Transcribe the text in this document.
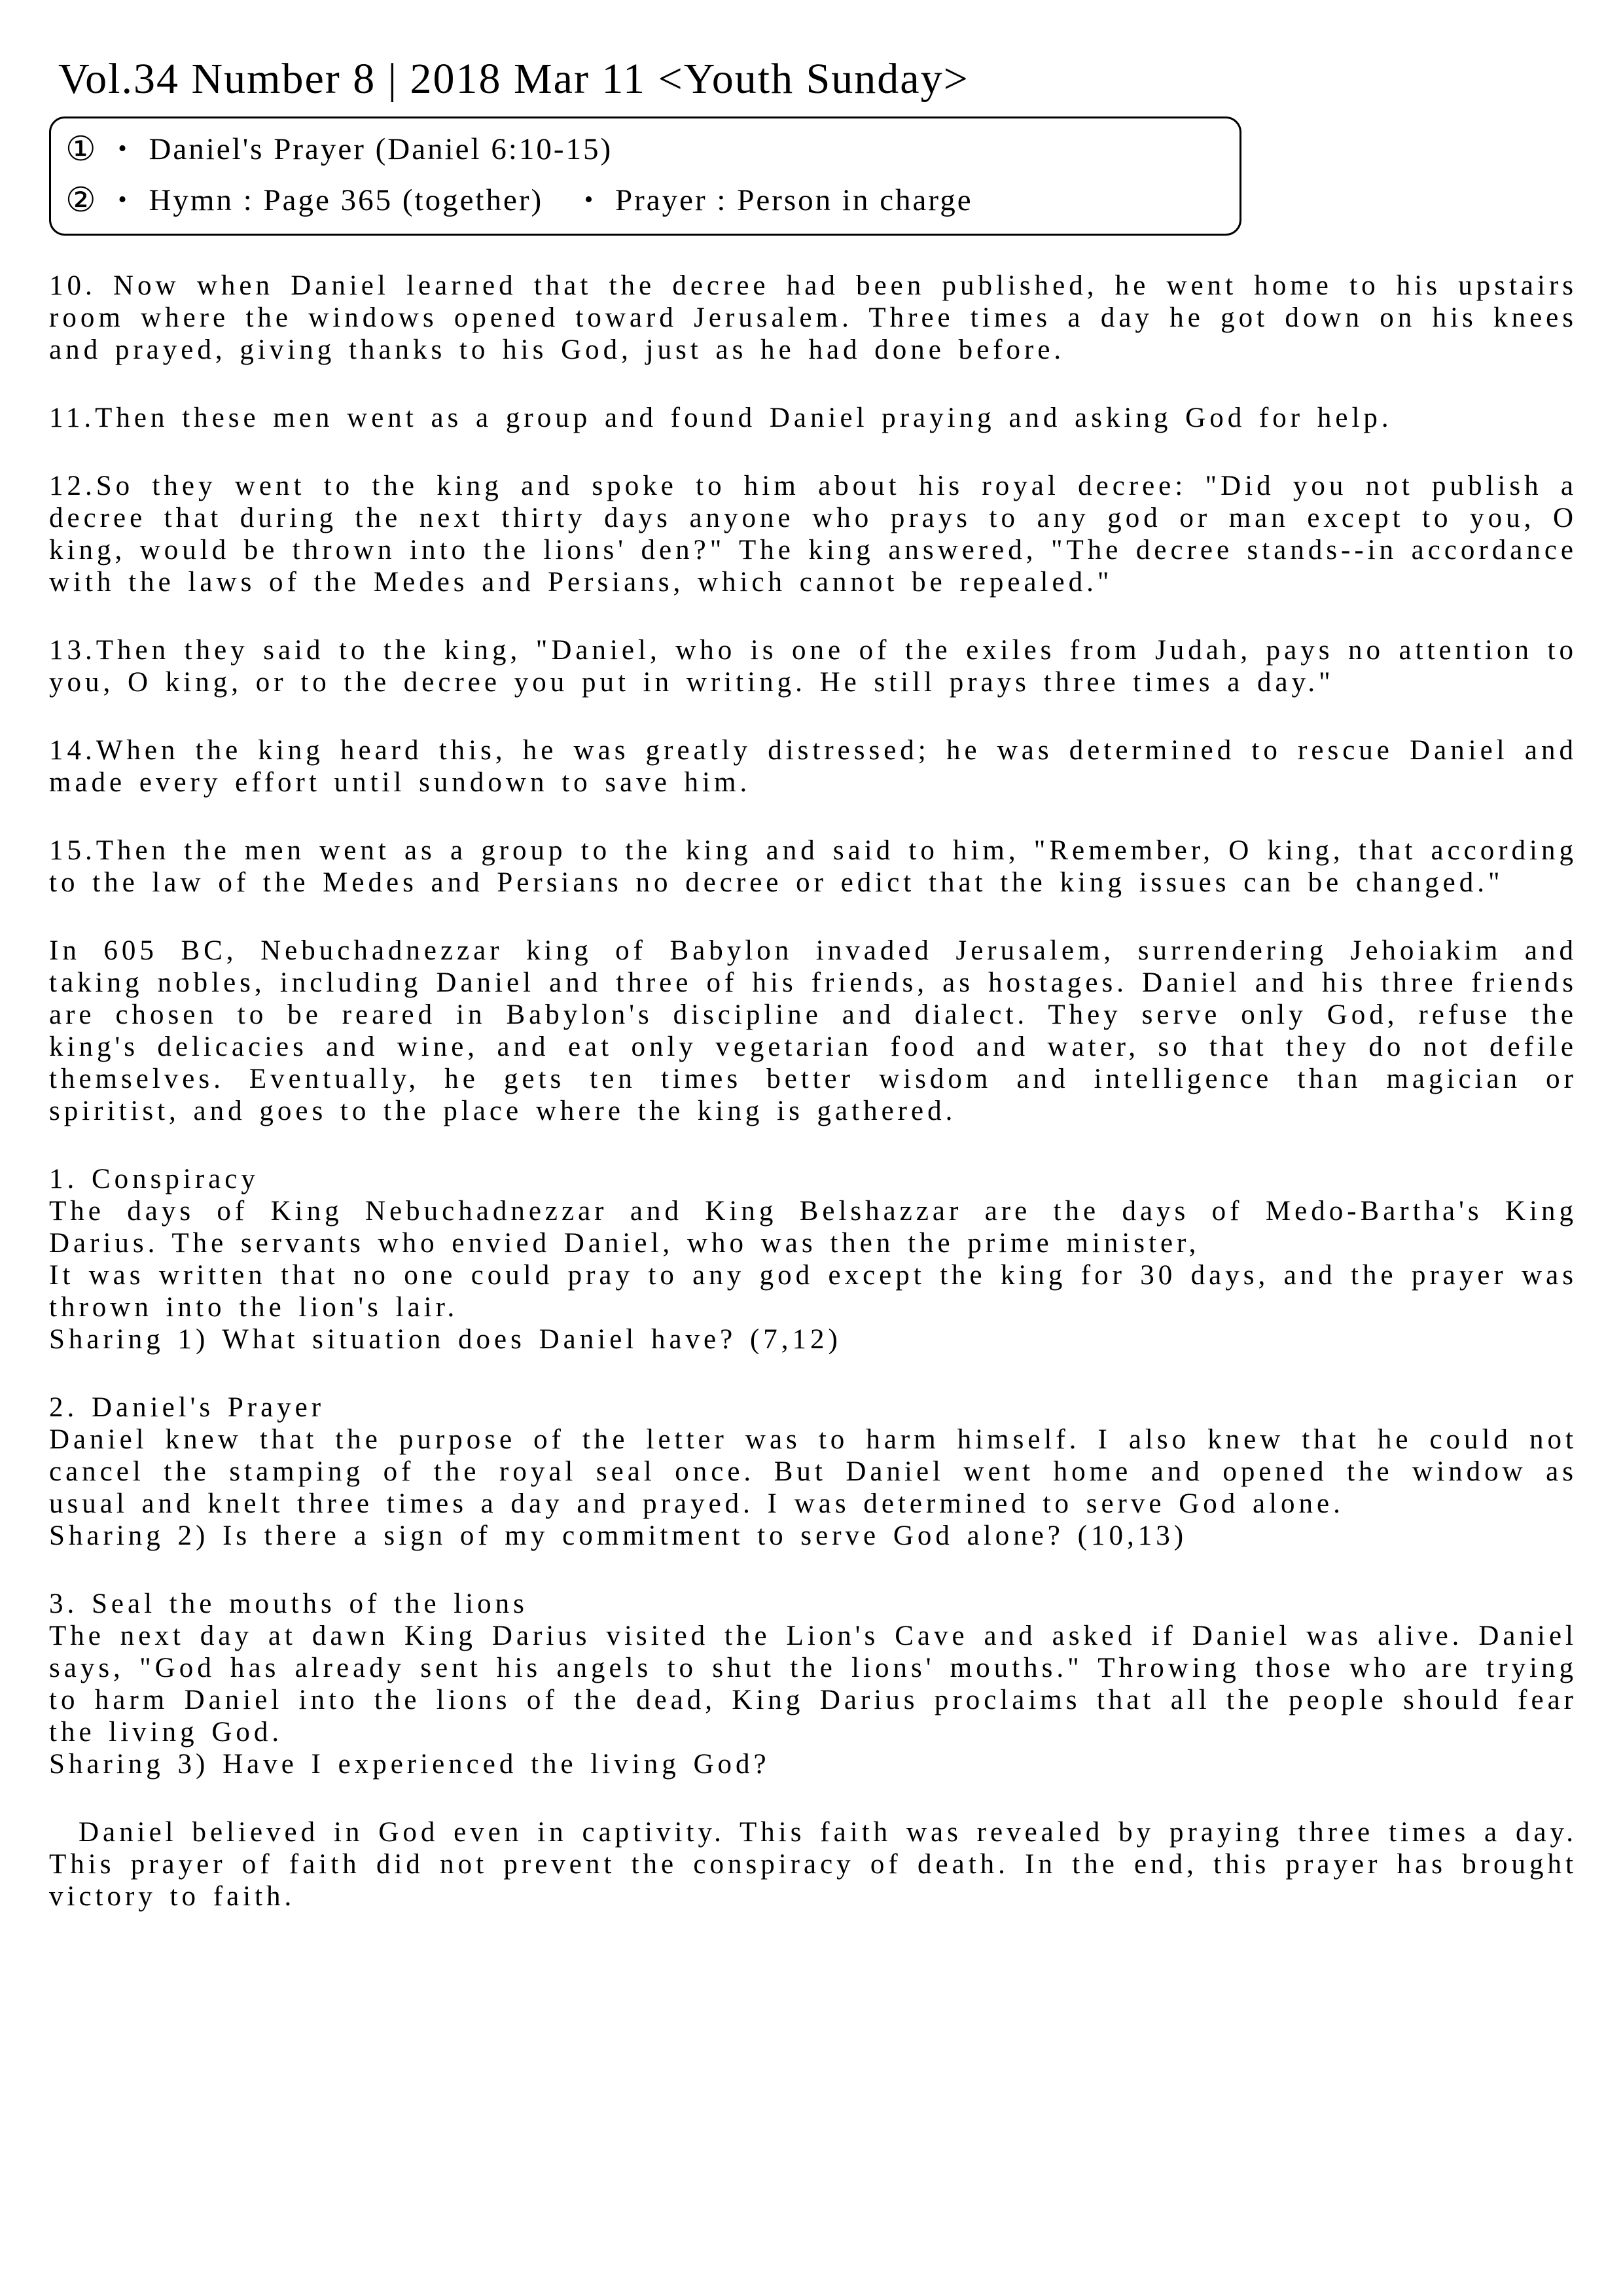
Vol.34 Number 8 | 2018 Mar 11 <Youth Sunday>
① • Daniel's Prayer (Daniel 6:10-15)
② • Hymn : Page 365 (together) • Prayer : Person in charge

10. Now when Daniel learned that the decree had been published, he went home to his upstairs room where the windows opened toward Jerusalem. Three times a day he got down on his knees and prayed, giving thanks to his God, just as he had done before.

11.Then these men went as a group and found Daniel praying and asking God for help.

12.So they went to the king and spoke to him about his royal decree: "Did you not publish a decree that during the next thirty days anyone who prays to any god or man except to you, O king, would be thrown into the lions' den?" The king answered, "The decree stands--in accordance with the laws of the Medes and Persians, which cannot be repealed."

13.Then they said to the king, "Daniel, who is one of the exiles from Judah, pays no attention to you, O king, or to the decree you put in writing. He still prays three times a day."

14.When the king heard this, he was greatly distressed; he was determined to rescue Daniel and made every effort until sundown to save him.

15.Then the men went as a group to the king and said to him, "Remember, O king, that according to the law of the Medes and Persians no decree or edict that the king issues can be changed."

In 605 BC, Nebuchadnezzar king of Babylon invaded Jerusalem, surrendering Jehoiakim and taking nobles, including Daniel and three of his friends, as hostages. Daniel and his three friends are chosen to be reared in Babylon's discipline and dialect. They serve only God, refuse the king's delicacies and wine, and eat only vegetarian food and water, so that they do not defile themselves. Eventually, he gets ten times better wisdom and intelligence than magician or spiritist, and goes to the place where the king is gathered.

1. Conspiracy

The days of King Nebuchadnezzar and King Belshazzar are the days of Medo-Bartha's King Darius. The servants who envied Daniel, who was then the prime minister,

It was written that no one could pray to any god except the king for 30 days, and the prayer was thrown into the lion's lair.

Sharing 1) What situation does Daniel have? (7,12)

2. Daniel's Prayer

Daniel knew that the purpose of the letter was to harm himself. I also knew that he could not cancel the stamping of the royal seal once. But Daniel went home and opened the window as usual and knelt three times a day and prayed. I was determined to serve God alone.

Sharing 2) Is there a sign of my commitment to serve God alone? (10,13)

3. Seal the mouths of the lions

The next day at dawn King Darius visited the Lion's Cave and asked if Daniel was alive. Daniel says, "God has already sent his angels to shut the lions' mouths." Throwing those who are trying to harm Daniel into the lions of the dead, King Darius proclaims that all the people should fear the living God.

Sharing 3) Have I experienced the living God?

Daniel believed in God even in captivity. This faith was revealed by praying three times a day. This prayer of faith did not prevent the conspiracy of death. In the end, this prayer has brought victory to faith.
